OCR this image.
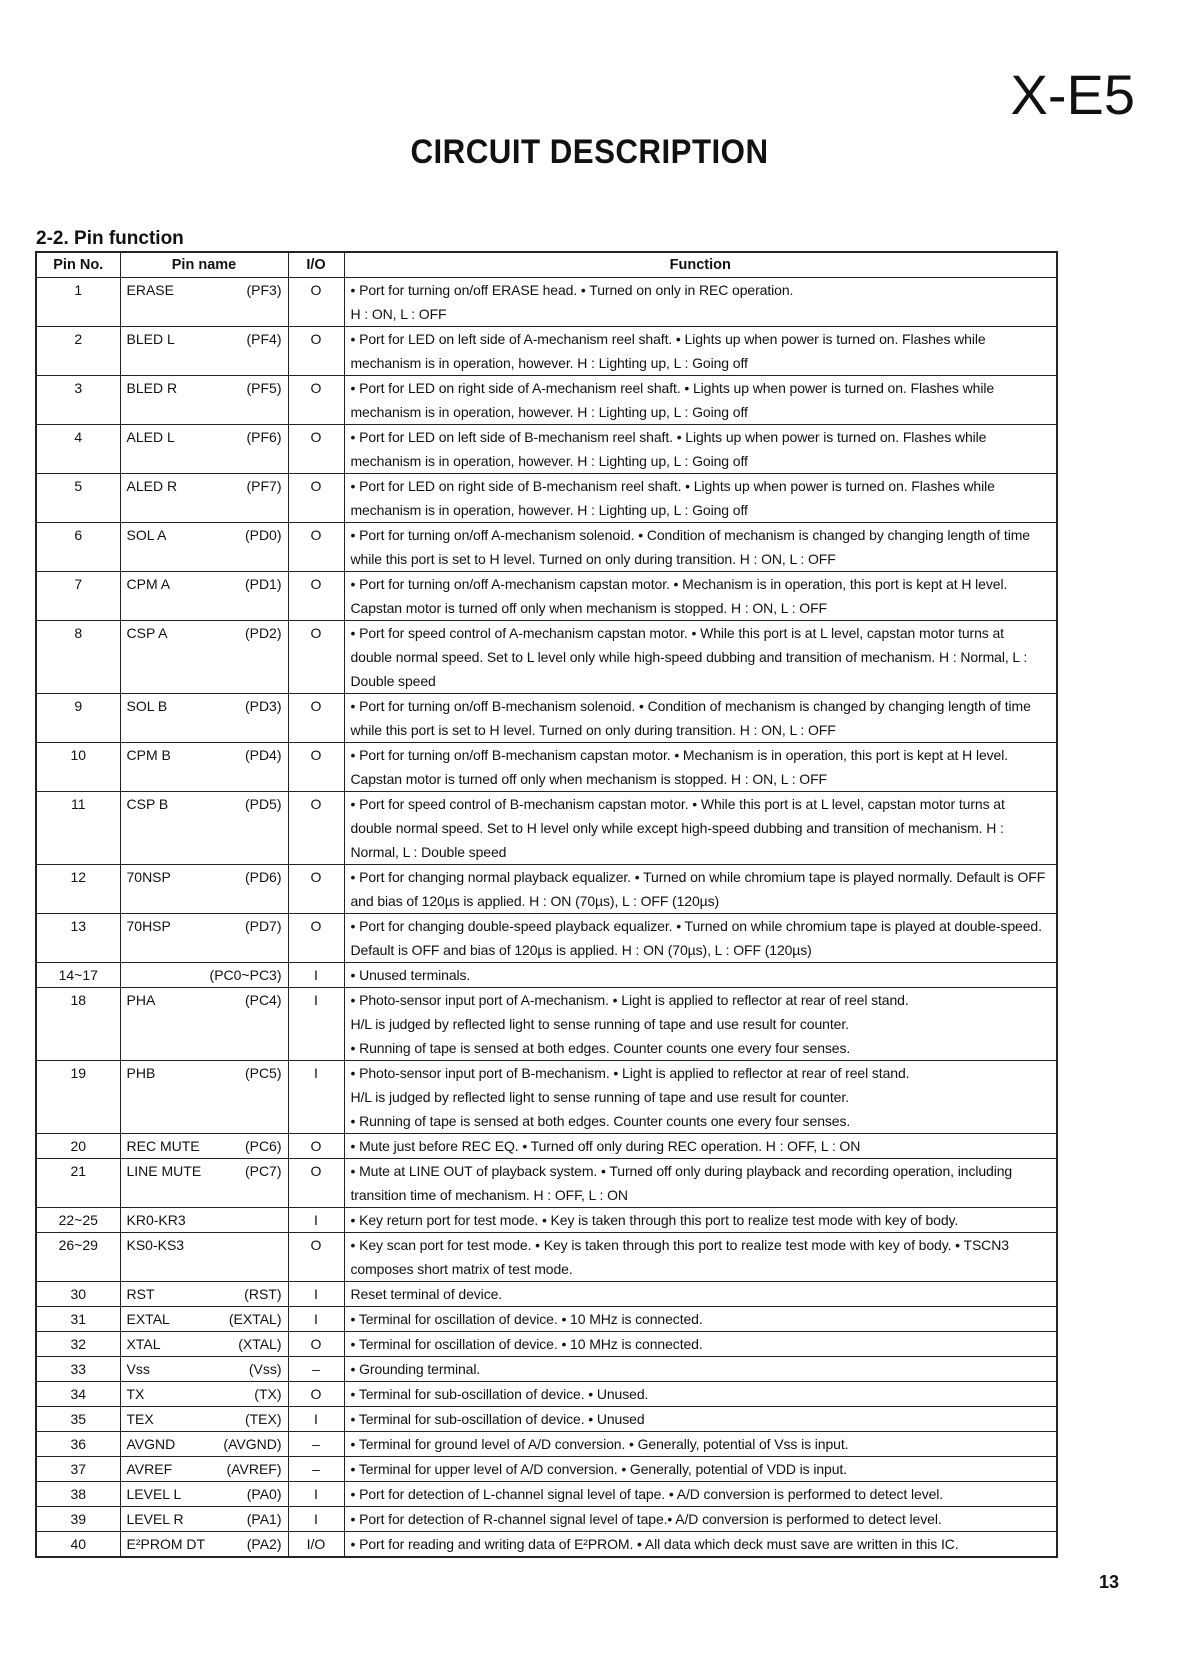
X-E5
CIRCUIT DESCRIPTION
2-2. Pin function
Pin No.	Pin name	I/O	Function
1	ERASE (PF3)	O	• Port for turning on/off ERASE head. • Turned on only in REC operation.
H : ON, L : OFF
2	BLED L (PF4)	O	• Port for LED on left side of A-mechanism reel shaft. • Lights up when power is turned on. Flashes while mechanism is in operation, however. H : Lighting up, L : Going off
3	BLED R (PF5)	O	• Port for LED on right side of A-mechanism reel shaft. • Lights up when power is turned on. Flashes while mechanism is in operation, however. H : Lighting up, L : Going off
4	ALED L (PF6)	O	• Port for LED on left side of B-mechanism reel shaft. • Lights up when power is turned on. Flashes while mechanism is in operation, however. H : Lighting up, L : Going off
5	ALED R (PF7)	O	• Port for LED on right side of B-mechanism reel shaft. • Lights up when power is turned on. Flashes while mechanism is in operation, however. H : Lighting up, L : Going off
6	SOL A (PD0)	O	• Port for turning on/off A-mechanism solenoid. • Condition of mechanism is changed by changing length of time while this port is set to H level. Turned on only during transition. H : ON, L : OFF
7	CPM A (PD1)	O	• Port for turning on/off A-mechanism capstan motor. • Mechanism is in operation, this port is kept at H level. Capstan motor is turned off only when mechanism is stopped. H : ON, L : OFF
8	CSP A (PD2)	O	• Port for speed control of A-mechanism capstan motor. • While this port is at L level, capstan motor turns at double normal speed. Set to L level only while high-speed dubbing and transition of mechanism. H : Normal, L : Double speed
9	SOL B (PD3)	O	• Port for turning on/off B-mechanism solenoid. • Condition of mechanism is changed by changing length of time while this port is set to H level. Turned on only during transition. H : ON, L : OFF
10	CPM B (PD4)	O	• Port for turning on/off B-mechanism capstan motor. • Mechanism is in operation, this port is kept at H level. Capstan motor is turned off only when mechanism is stopped. H : ON, L : OFF
11	CSP B (PD5)	O	• Port for speed control of B-mechanism capstan motor. • While this port is at L level, capstan motor turns at double normal speed. Set to H level only while except high-speed dubbing and transition of mechanism. H : Normal, L : Double speed
12	70NSP (PD6)	O	• Port for changing normal playback equalizer. • Turned on while chromium tape is played normally. Default is OFF and bias of 120µs is applied. H : ON (70µs), L : OFF (120µs)
13	70HSP (PD7)	O	• Port for changing double-speed playback equalizer. • Turned on while chromium tape is played at double-speed. Default is OFF and bias of 120µs is applied. H : ON (70µs), L : OFF (120µs)
14~17	(PC0~PC3)	I	• Unused terminals.
18	PHA (PC4)	I	• Photo-sensor input port of A-mechanism. • Light is applied to reflector at rear of reel stand.
H/L is judged by reflected light to sense running of tape and use result for counter.
• Running of tape is sensed at both edges. Counter counts one every four senses.
19	PHB (PC5)	I	• Photo-sensor input port of B-mechanism. • Light is applied to reflector at rear of reel stand.
H/L is judged by reflected light to sense running of tape and use result for counter.
• Running of tape is sensed at both edges. Counter counts one every four senses.
20	REC MUTE (PC6)	O	• Mute just before REC EQ. • Turned off only during REC operation. H : OFF, L : ON
21	LINE MUTE (PC7)	O	• Mute at LINE OUT of playback system. • Turned off only during playback and recording operation, including transition time of mechanism. H : OFF, L : ON
22~25	KR0-KR3	I	• Key return port for test mode. • Key is taken through this port to realize test mode with key of body.
26~29	KS0-KS3	O	• Key scan port for test mode. • Key is taken through this port to realize test mode with key of body. • TSCN3 composes short matrix of test mode.
30	RST (RST)	I	Reset terminal of device.
31	EXTAL (EXTAL)	I	• Terminal for oscillation of device. • 10 MHz is connected.
32	XTAL (XTAL)	O	• Terminal for oscillation of device. • 10 MHz is connected.
33	Vss (Vss)	–	• Grounding terminal.
34	TX (TX)	O	• Terminal for sub-oscillation of device. • Unused.
35	TEX (TEX)	I	• Terminal for sub-oscillation of device. • Unused
36	AVGND (AVGND)	–	• Terminal for ground level of A/D conversion. • Generally, potential of Vss is input.
37	AVREF (AVREF)	–	• Terminal for upper level of A/D conversion. • Generally, potential of VDD is input.
38	LEVEL L (PA0)	I	• Port for detection of L-channel signal level of tape. • A/D conversion is performed to detect level.
39	LEVEL R (PA1)	I	• Port for detection of R-channel signal level of tape.• A/D conversion is performed to detect level.
40	E²PROM DT (PA2)	I/O	• Port for reading and writing data of E²PROM. • All data which deck must save are written in this IC.
13
